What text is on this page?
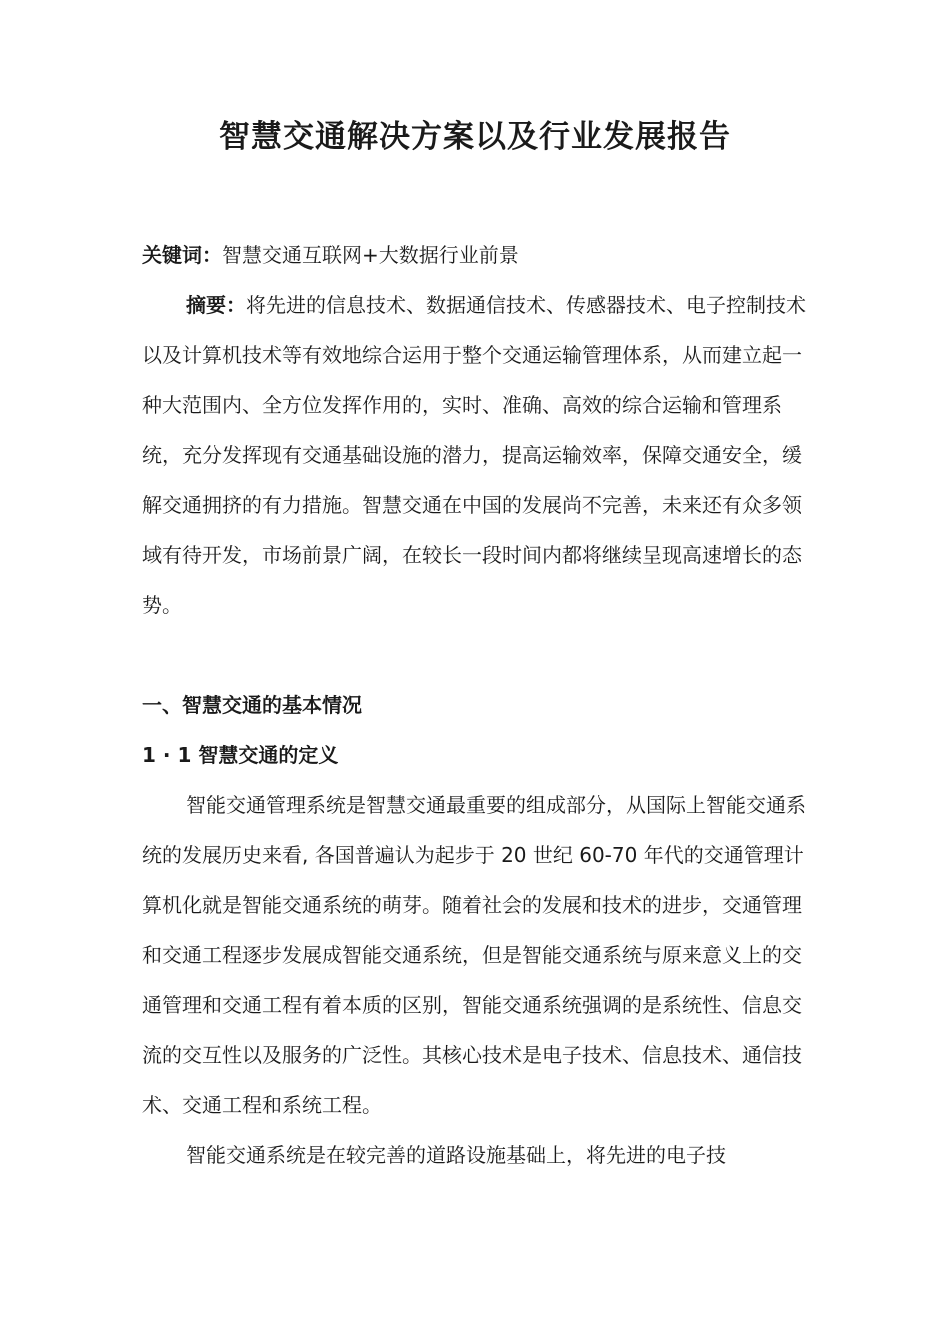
智慧交通解决方案以及行业发展报告

关键词：智慧交通互联网+大数据行业前景

摘要：将先进的信息技术、数据通信技术、传感器技术、电子控制技术以及计算机技术等有效地综合运用于整个交通运输管理体系，从而建立起一种大范围内、全方位发挥作用的，实时、准确、高效的综合运输和管理系统，充分发挥现有交通基础设施的潜力，提高运输效率，保障交通安全，缓解交通拥挤的有力措施。智慧交通在中国的发展尚不完善，未来还有众多领域有待开发，市场前景广阔，在较长一段时间内都将继续呈现高速增长的态势。

一、智慧交通的基本情况

1 · 1 智慧交通的定义

智能交通管理系统是智慧交通最重要的组成部分，从国际上智能交通系统的发展历史来看, 各国普遍认为起步于 20 世纪 60-70 年代的交通管理计算机化就是智能交通系统的萌芽。随着社会的发展和技术的进步，交通管理和交通工程逐步发展成智能交通系统，但是智能交通系统与原来意义上的交通管理和交通工程有着本质的区别，智能交通系统强调的是系统性、信息交流的交互性以及服务的广泛性。其核心技术是电子技术、信息技术、通信技术、交通工程和系统工程。

智能交通系统是在较完善的道路设施基础上，将先进的电子技
